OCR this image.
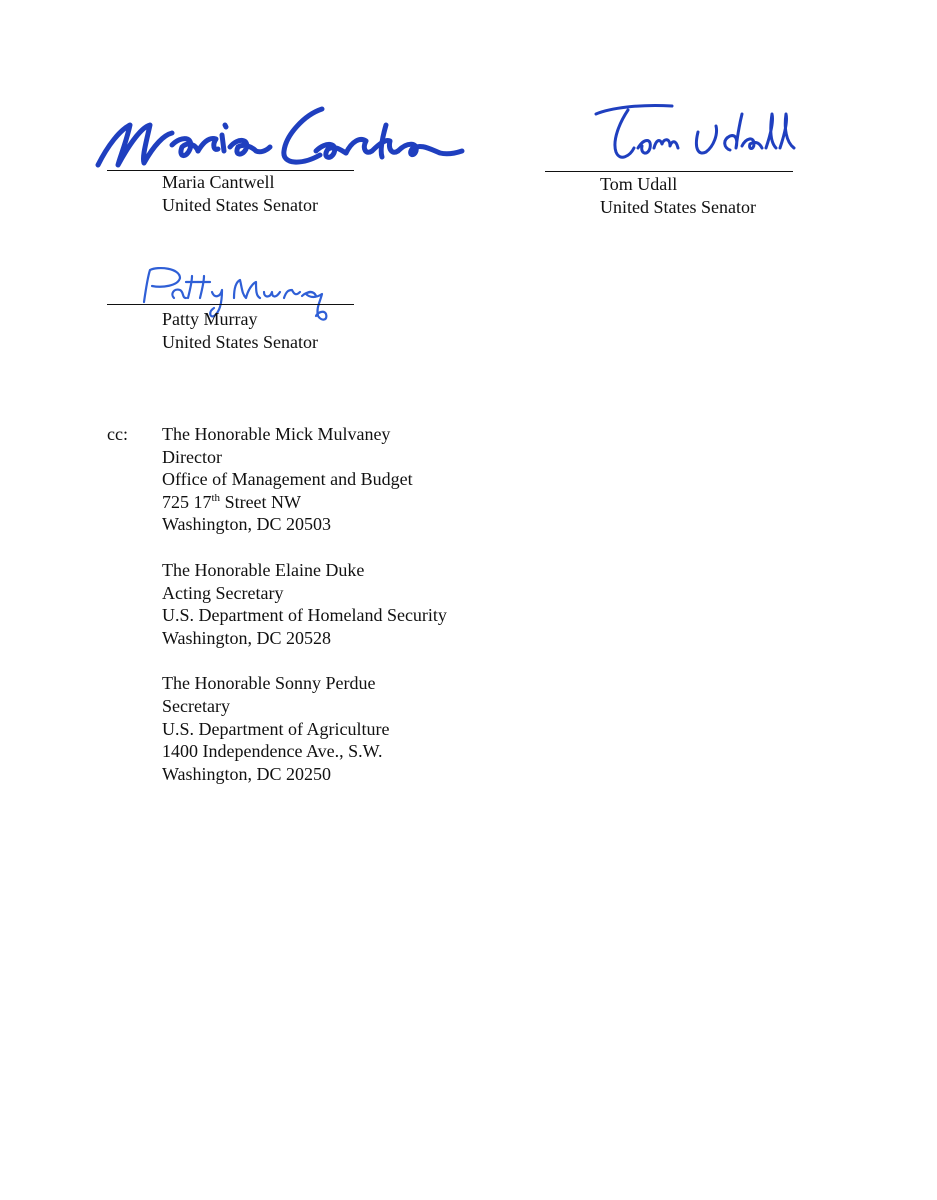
Maria Cantwell
United States Senator
Tom Udall
United States Senator
Patty Murray
United States Senator
cc: The Honorable Mick Mulvaney
Director
Office of Management and Budget
725 17th Street NW
Washington, DC 20503
The Honorable Elaine Duke
Acting Secretary
U.S. Department of Homeland Security
Washington, DC 20528
The Honorable Sonny Perdue
Secretary
U.S. Department of Agriculture
1400 Independence Ave., S.W.
Washington, DC 20250
